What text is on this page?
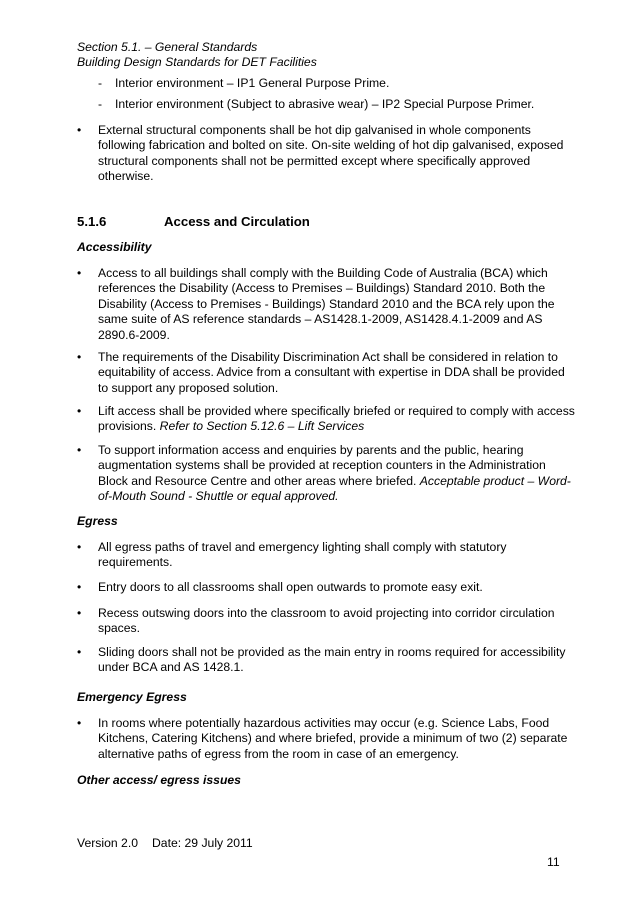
Section 5.1. – General Standards
Building Design Standards for DET Facilities
- Interior environment – IP1 General Purpose Prime.
- Interior environment (Subject to abrasive wear) – IP2 Special Purpose Primer.
•
External structural components shall be hot dip galvanised in whole components
following fabrication and bolted on site. On-site welding of hot dip galvanised, exposed
structural components shall not be permitted except where specifically approved
otherwise.
5.1.6	Access and Circulation
Accessibility
•
Access to all buildings shall comply with the Building Code of Australia (BCA) which
references the Disability (Access to Premises – Buildings) Standard 2010. Both the
Disability (Access to Premises - Buildings) Standard 2010 and the BCA rely upon the
same suite of AS reference standards – AS1428.1-2009, AS1428.4.1-2009 and AS
2890.6-2009.
•
The requirements of the Disability Discrimination Act shall be considered in relation to
equitability of access. Advice from a consultant with expertise in DDA shall be provided
to support any proposed solution.
•
Lift access shall be provided where specifically briefed or required to comply with access
provisions. Refer to Section 5.12.6 – Lift Services
•
To support information access and enquiries by parents and the public, hearing
augmentation systems shall be provided at reception counters in the Administration
Block and Resource Centre and other areas where briefed. Acceptable product – Word-
of-Mouth Sound - Shuttle or equal approved.
Egress
•
All egress paths of travel and emergency lighting shall comply with statutory
requirements.
•
Entry doors to all classrooms shall open outwards to promote easy exit.
•
Recess outswing doors into the classroom to avoid projecting into corridor circulation
spaces.
•
Sliding doors shall not be provided as the main entry in rooms required for accessibility
under BCA and AS 1428.1.
Emergency Egress
•
In rooms where potentially hazardous activities may occur (e.g. Science Labs, Food
Kitchens, Catering Kitchens) and where briefed, provide a minimum of two (2) separate
alternative paths of egress from the room in case of an emergency.
Other access/ egress issues
Version 2.0 Date: 29 July 2011
11
